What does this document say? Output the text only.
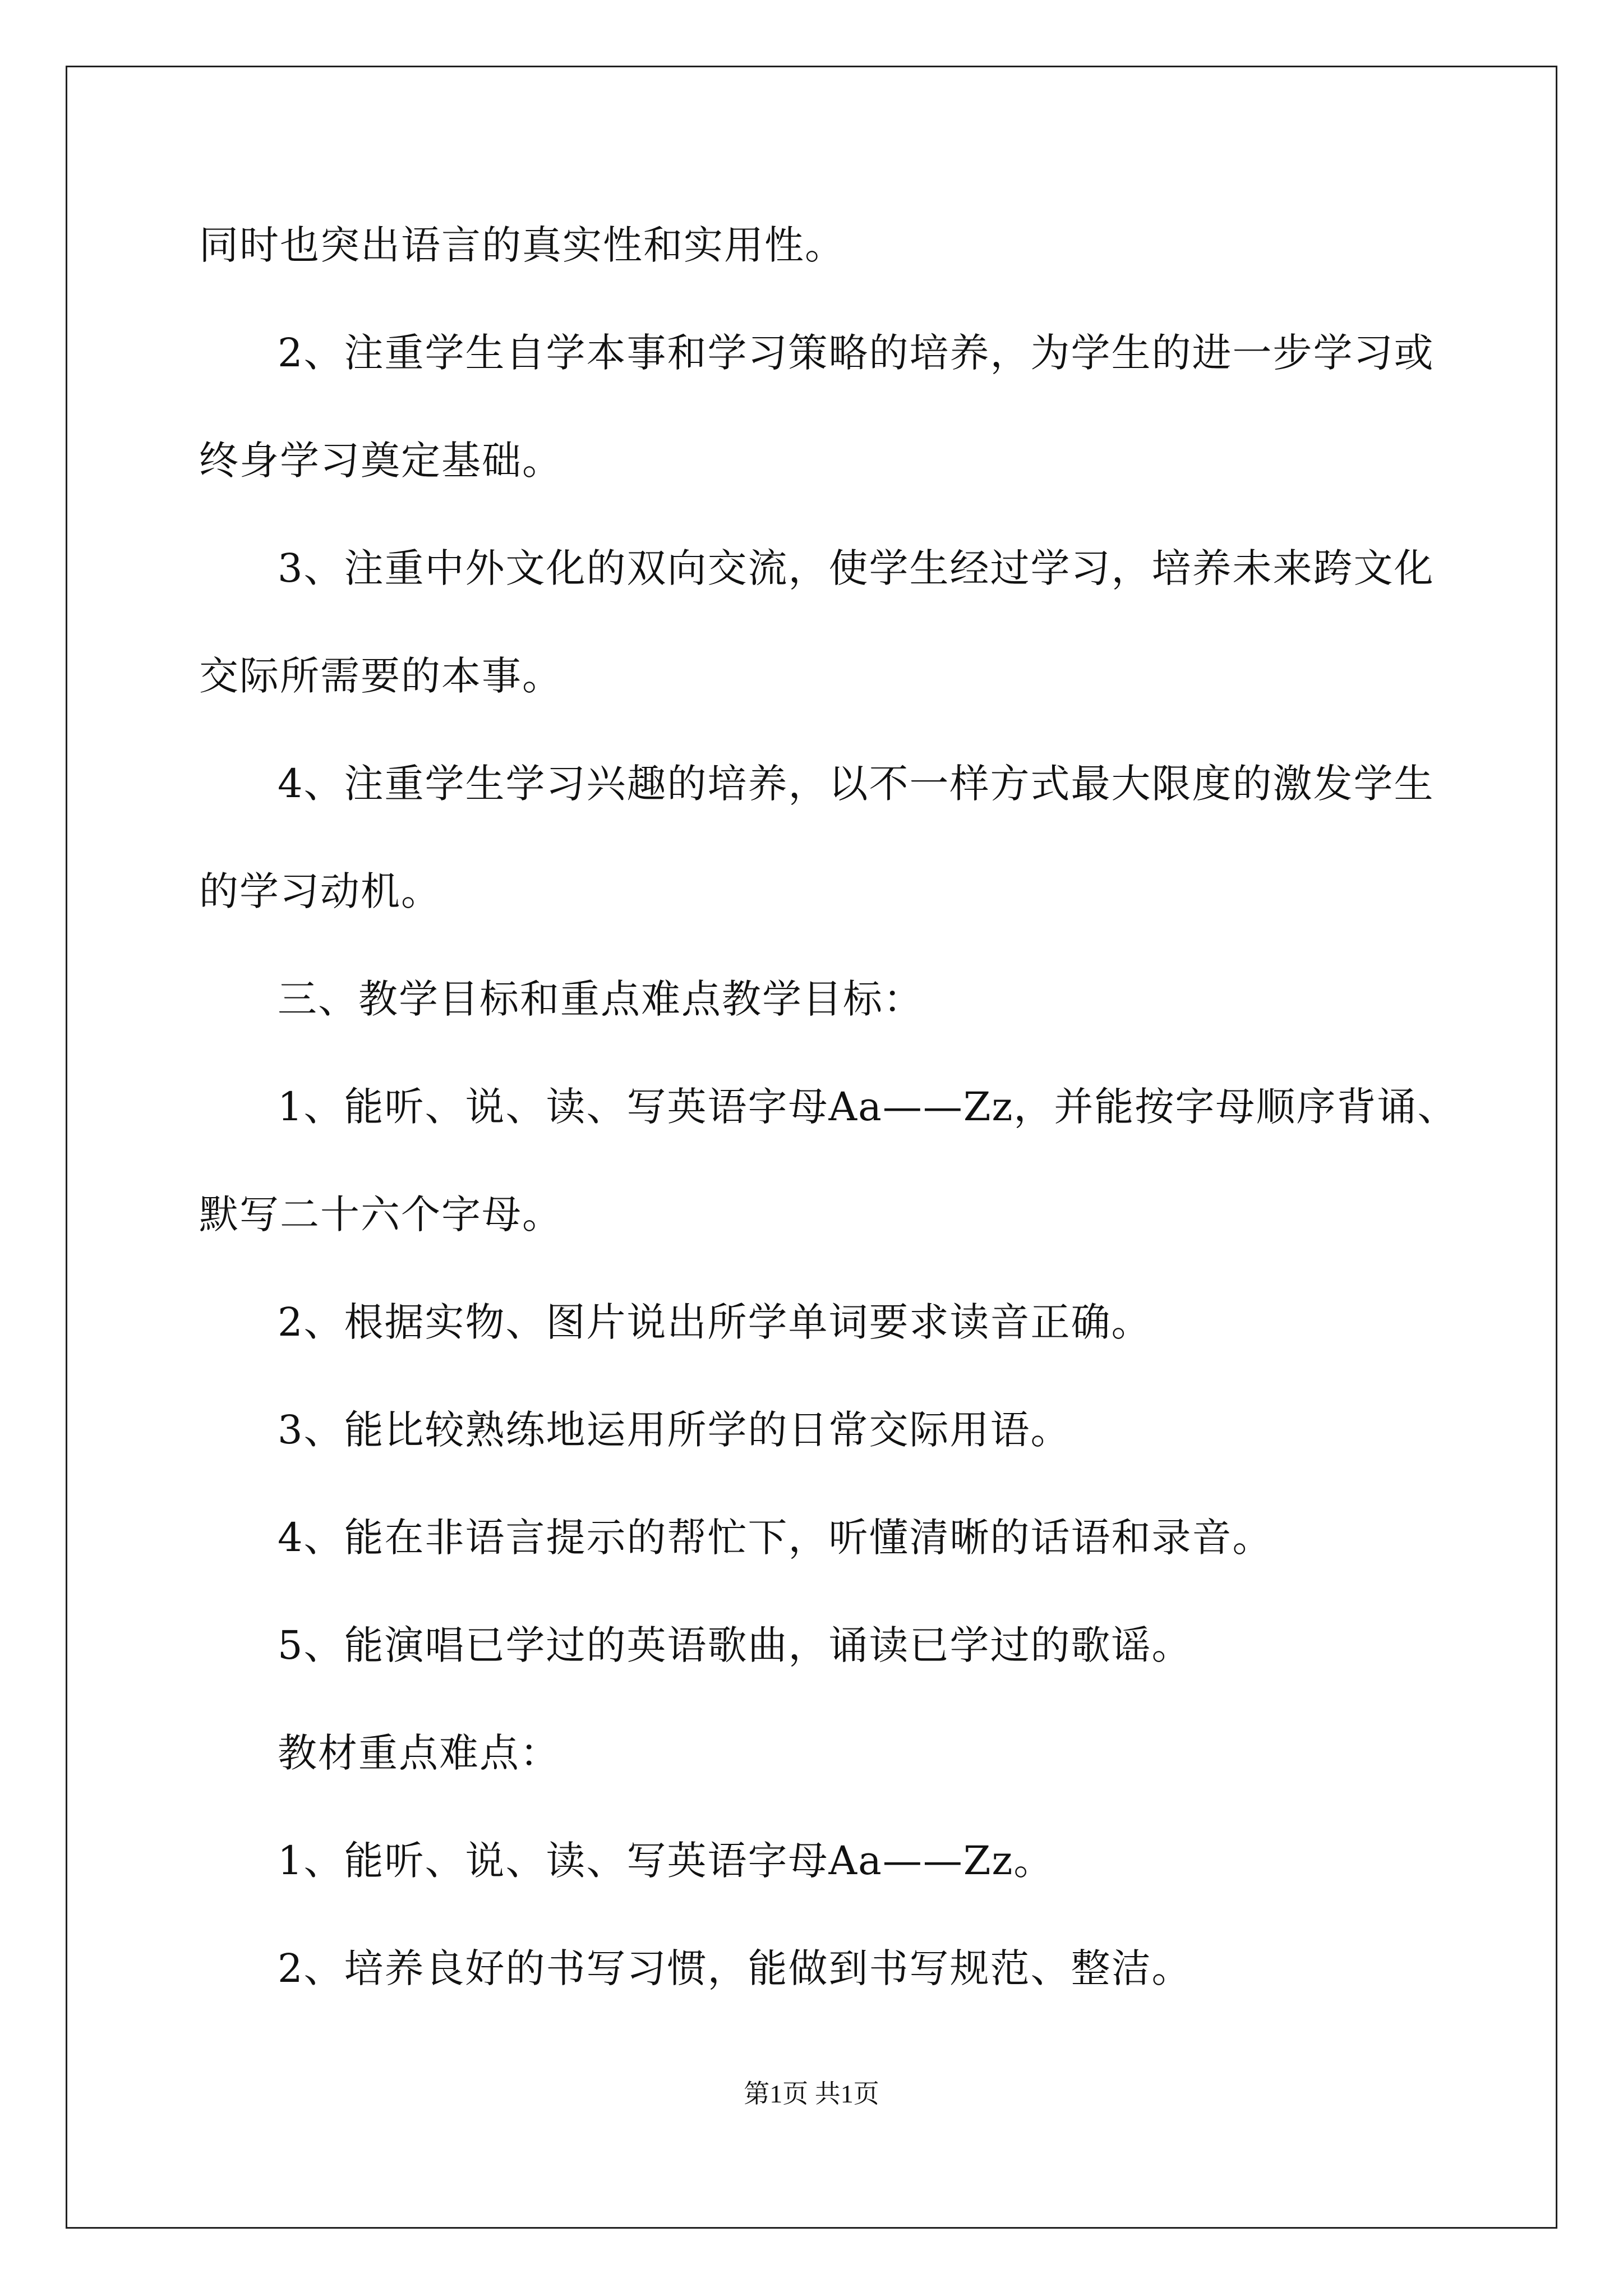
同时也突出语言的真实性和实用性。
2、注重学生自学本事和学习策略的培养，为学生的进一步学习或
终身学习奠定基础。
3、注重中外文化的双向交流，使学生经过学习，培养未来跨文化
交际所需要的本事。
4、注重学生学习兴趣的培养，以不一样方式最大限度的激发学生
的学习动机。
三、教学目标和重点难点教学目标：
1、能听、说、读、写英语字母Aa——Zz，并能按字母顺序背诵、
默写二十六个字母。
2、根据实物、图片说出所学单词要求读音正确。
3、能比较熟练地运用所学的日常交际用语。
4、能在非语言提示的帮忙下，听懂清晰的话语和录音。
5、能演唱已学过的英语歌曲，诵读已学过的歌谣。
教材重点难点：
1、能听、说、读、写英语字母Aa——Zz。
2、培养良好的书写习惯，能做到书写规范、整洁。
第1页 共1页
